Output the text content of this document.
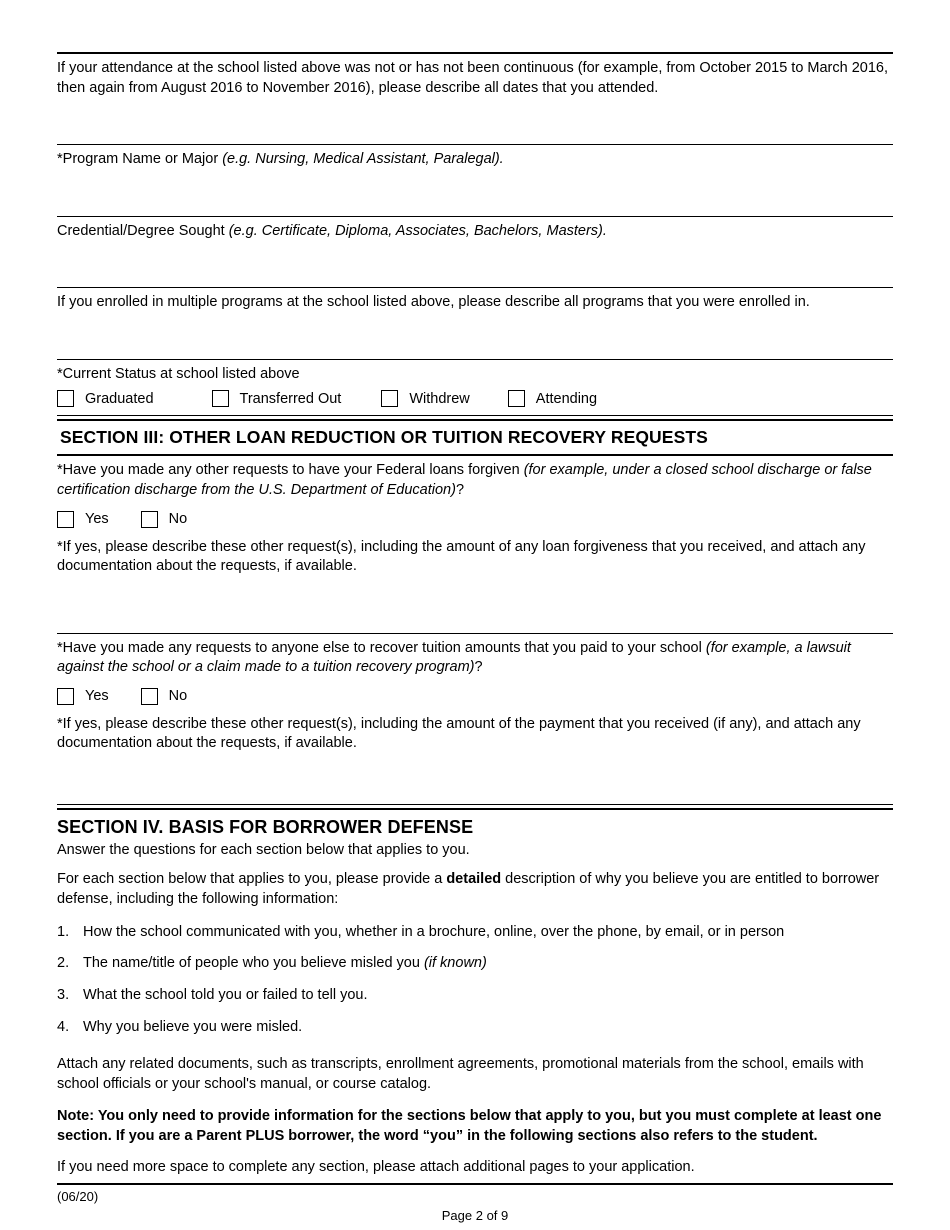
If your attendance at the school listed above was not or has not been continuous (for example, from October 2015 to March 2016, then again from August 2016 to November 2016), please describe all dates that you attended.

*Program Name or Major (e.g. Nursing, Medical Assistant, Paralegal).

Credential/Degree Sought (e.g. Certificate, Diploma, Associates, Bachelors, Masters).

If you enrolled in multiple programs at the school listed above, please describe all programs that you were enrolled in.

*Current Status at school listed above

Graduated	Transferred Out	Withdrew	Attending
SECTION III: OTHER LOAN REDUCTION OR TUITION RECOVERY REQUESTS

*Have you made any other requests to have your Federal loans forgiven (for example, under a closed school discharge or false certification discharge from the U.S. Department of Education)?

Yes	No

*If yes, please describe these other request(s), including the amount of any loan forgiveness that you received, and attach any documentation about the requests, if available.

*Have you made any requests to anyone else to recover tuition amounts that you paid to your school (for example, a lawsuit against the school or a claim made to a tuition recovery program)?

Yes	No

*If yes, please describe these other request(s), including the amount of the payment that you received (if any), and attach any documentation about the requests, if available.

SECTION IV. BASIS FOR BORROWER DEFENSE

Answer the questions for each section below that applies to you.

For each section below that applies to you, please provide a detailed description of why you believe you are entitled to borrower defense, including the following information:

1. How the school communicated with you, whether in a brochure, online, over the phone, by email, or in person
2. The name/title of people who you believe misled you (if known)
3. What the school told you or failed to tell you.
4. Why you believe you were misled.

Attach any related documents, such as transcripts, enrollment agreements, promotional materials from the school, emails with school officials or your school's manual, or course catalog.

Note: You only need to provide information for the sections below that apply to you, but you must complete at least one section. If you are a Parent PLUS borrower, the word “you” in the following sections also refers to the student.

If you need more space to complete any section, please attach additional pages to your application.

(06/20)
Page 2 of 9
